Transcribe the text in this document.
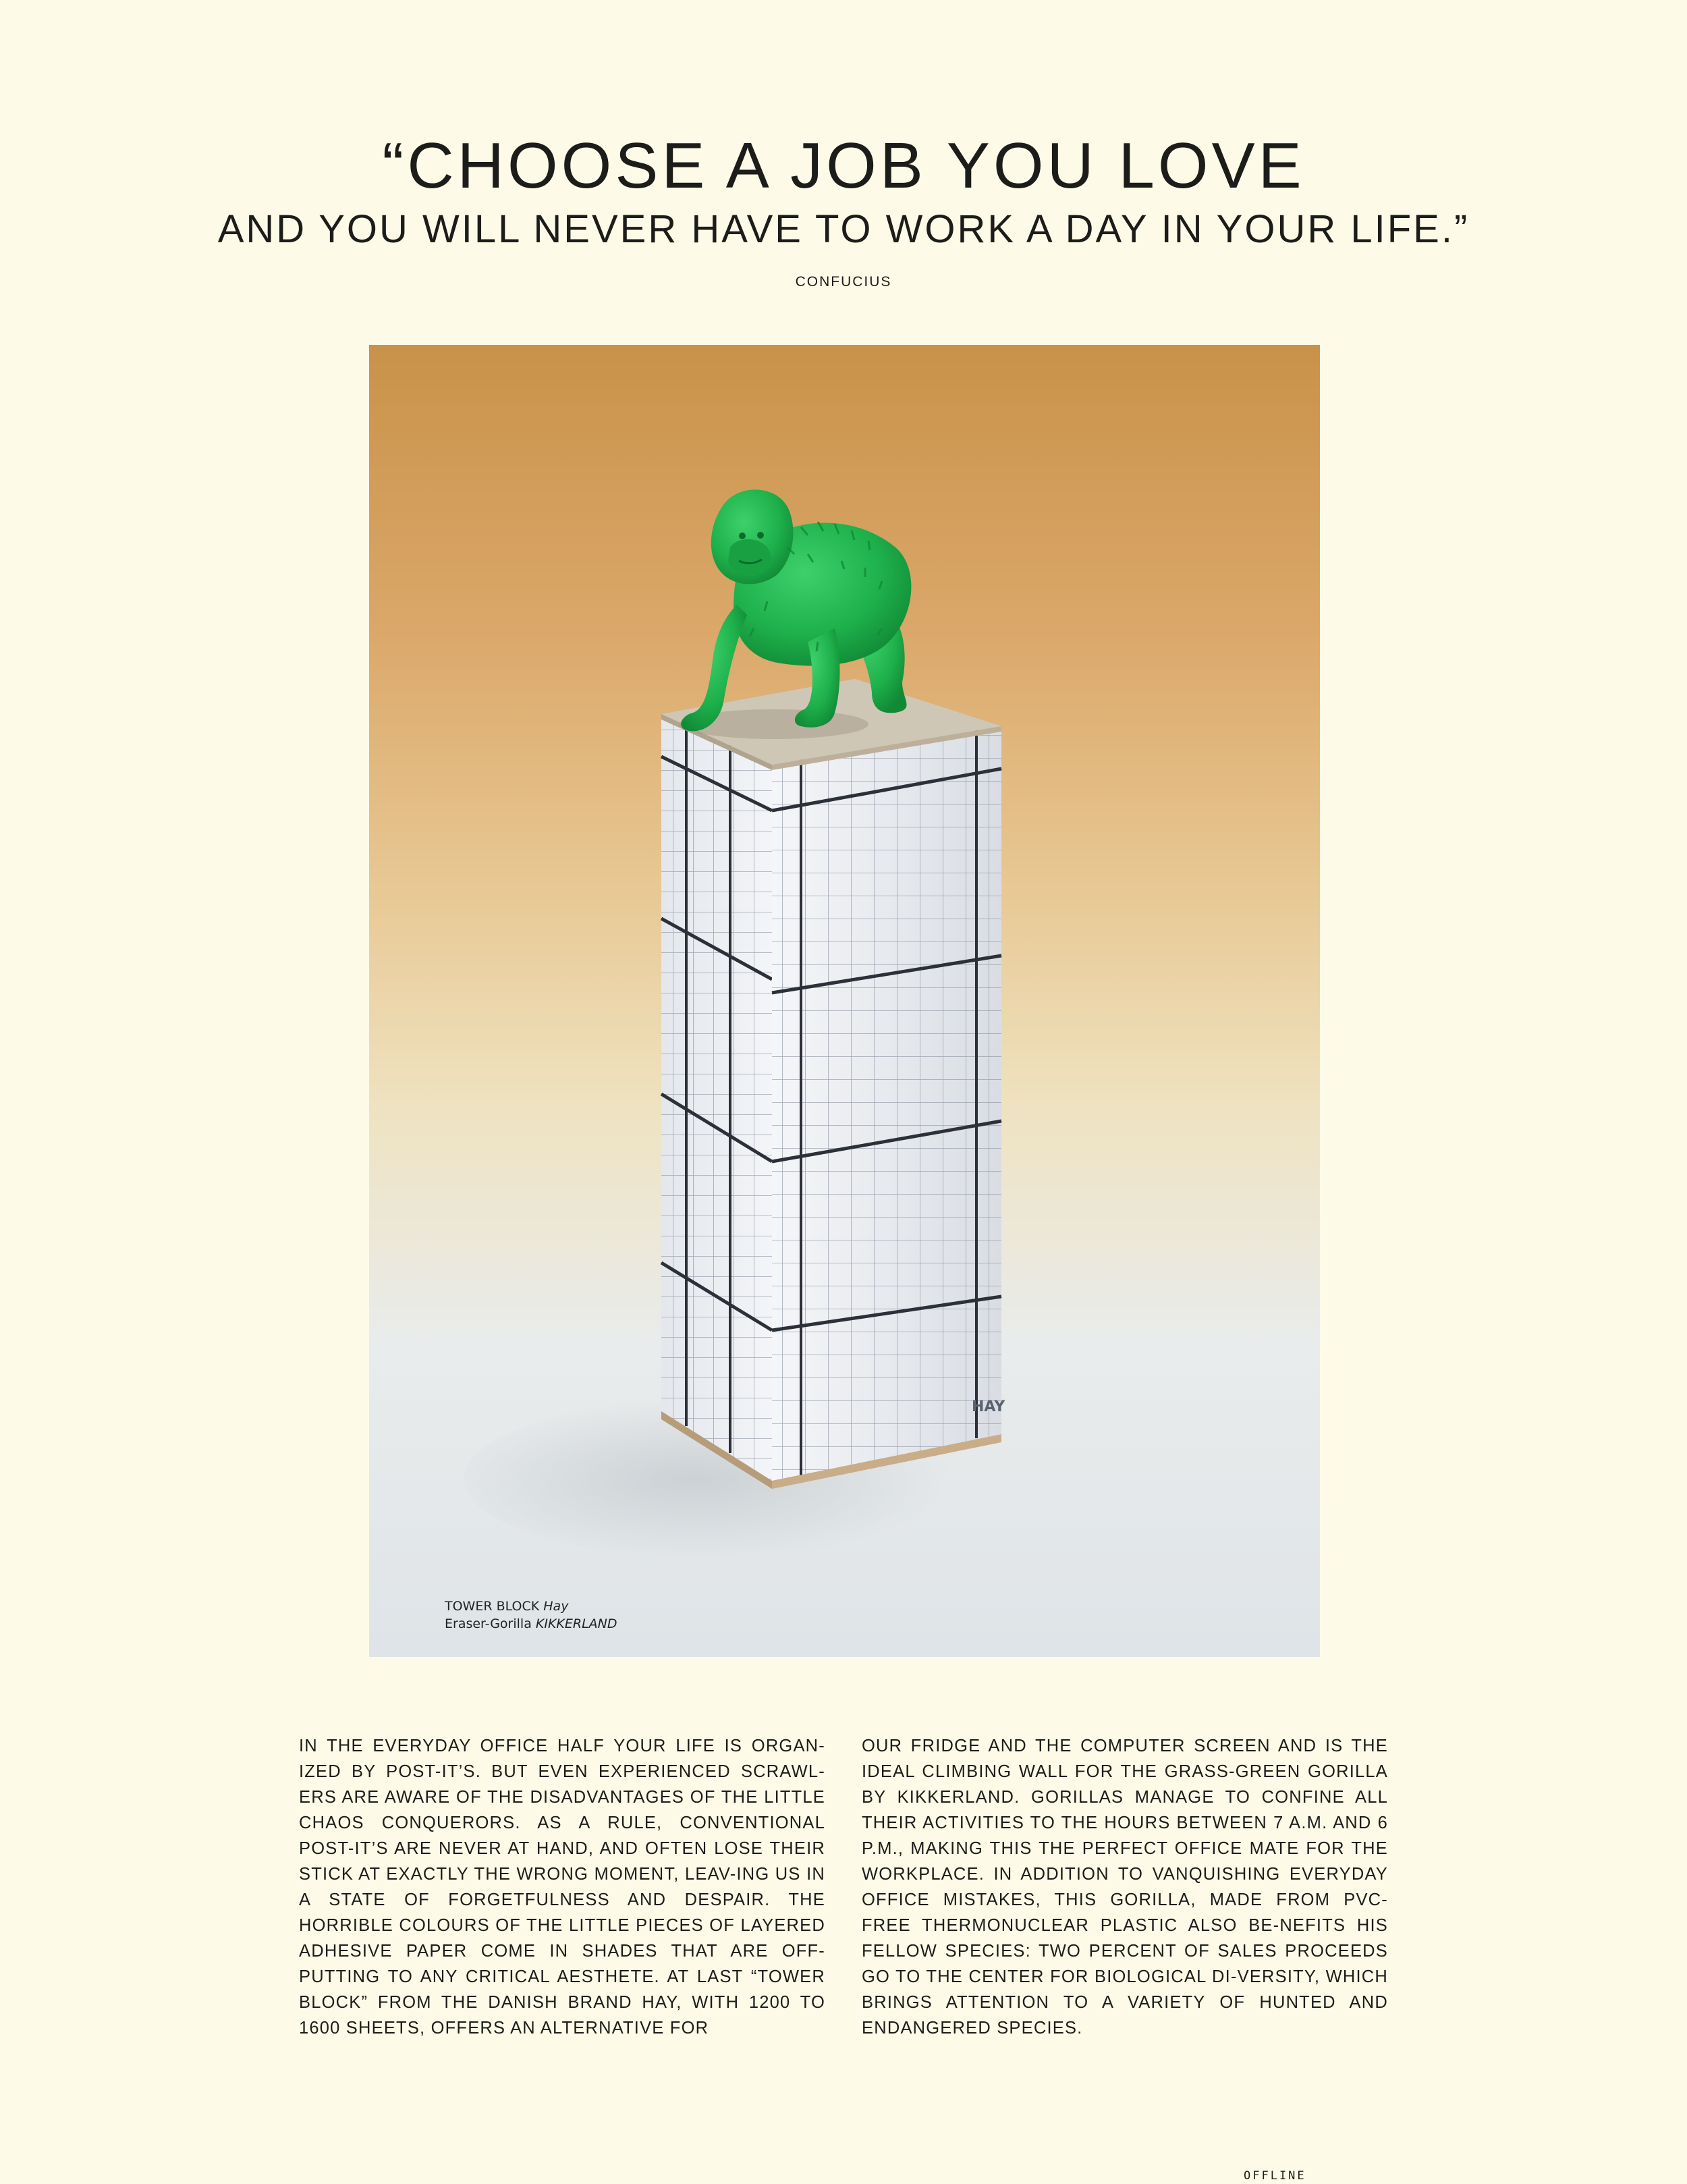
“CHOOSE A JOB YOU LOVE
AND YOU WILL NEVER HAVE TO WORK A DAY IN YOUR LIFE.”
CONFUCIUS
HAY
TOWER BLOCK Hay
Eraser-Gorilla KIKKERLAND

IN THE EVERYDAY OFFICE HALF YOUR LIFE IS ORGAN-IZED BY POST-IT’S. BUT EVEN EXPERIENCED SCRAWL-ERS ARE AWARE OF THE DISADVANTAGES OF THE LITTLE CHAOS CONQUERORS. AS A RULE, CONVENTIONAL POST-IT’S ARE NEVER AT HAND, AND OFTEN LOSE THEIR STICK AT EXACTLY THE WRONG MOMENT, LEAV-ING US IN A STATE OF FORGETFULNESS AND DESPAIR. THE HORRIBLE COLOURS OF THE LITTLE PIECES OF LAYERED ADHESIVE PAPER COME IN SHADES THAT ARE OFF-PUTTING TO ANY CRITICAL AESTHETE. AT LAST “TOWER BLOCK” FROM THE DANISH BRAND HAY, WITH 1200 TO 1600 SHEETS, OFFERS AN ALTERNATIVE FOR

OUR FRIDGE AND THE COMPUTER SCREEN AND IS THE IDEAL CLIMBING WALL FOR THE GRASS-GREEN GORILLA BY KIKKERLAND. GORILLAS MANAGE TO CONFINE ALL THEIR ACTIVITIES TO THE HOURS BETWEEN 7 A.M. AND 6 P.M., MAKING THIS THE PERFECT OFFICE MATE FOR THE WORKPLACE. IN ADDITION TO VANQUISHING EVERYDAY OFFICE MISTAKES, THIS GORILLA, MADE FROM PVC-FREE THERMONUCLEAR PLASTIC ALSO BE-NEFITS HIS FELLOW SPECIES: TWO PERCENT OF SALES PROCEEDS GO TO THE CENTER FOR BIOLOGICAL DI-VERSITY, WHICH BRINGS ATTENTION TO A VARIETY OF HUNTED AND ENDANGERED SPECIES.

OFFLINE
